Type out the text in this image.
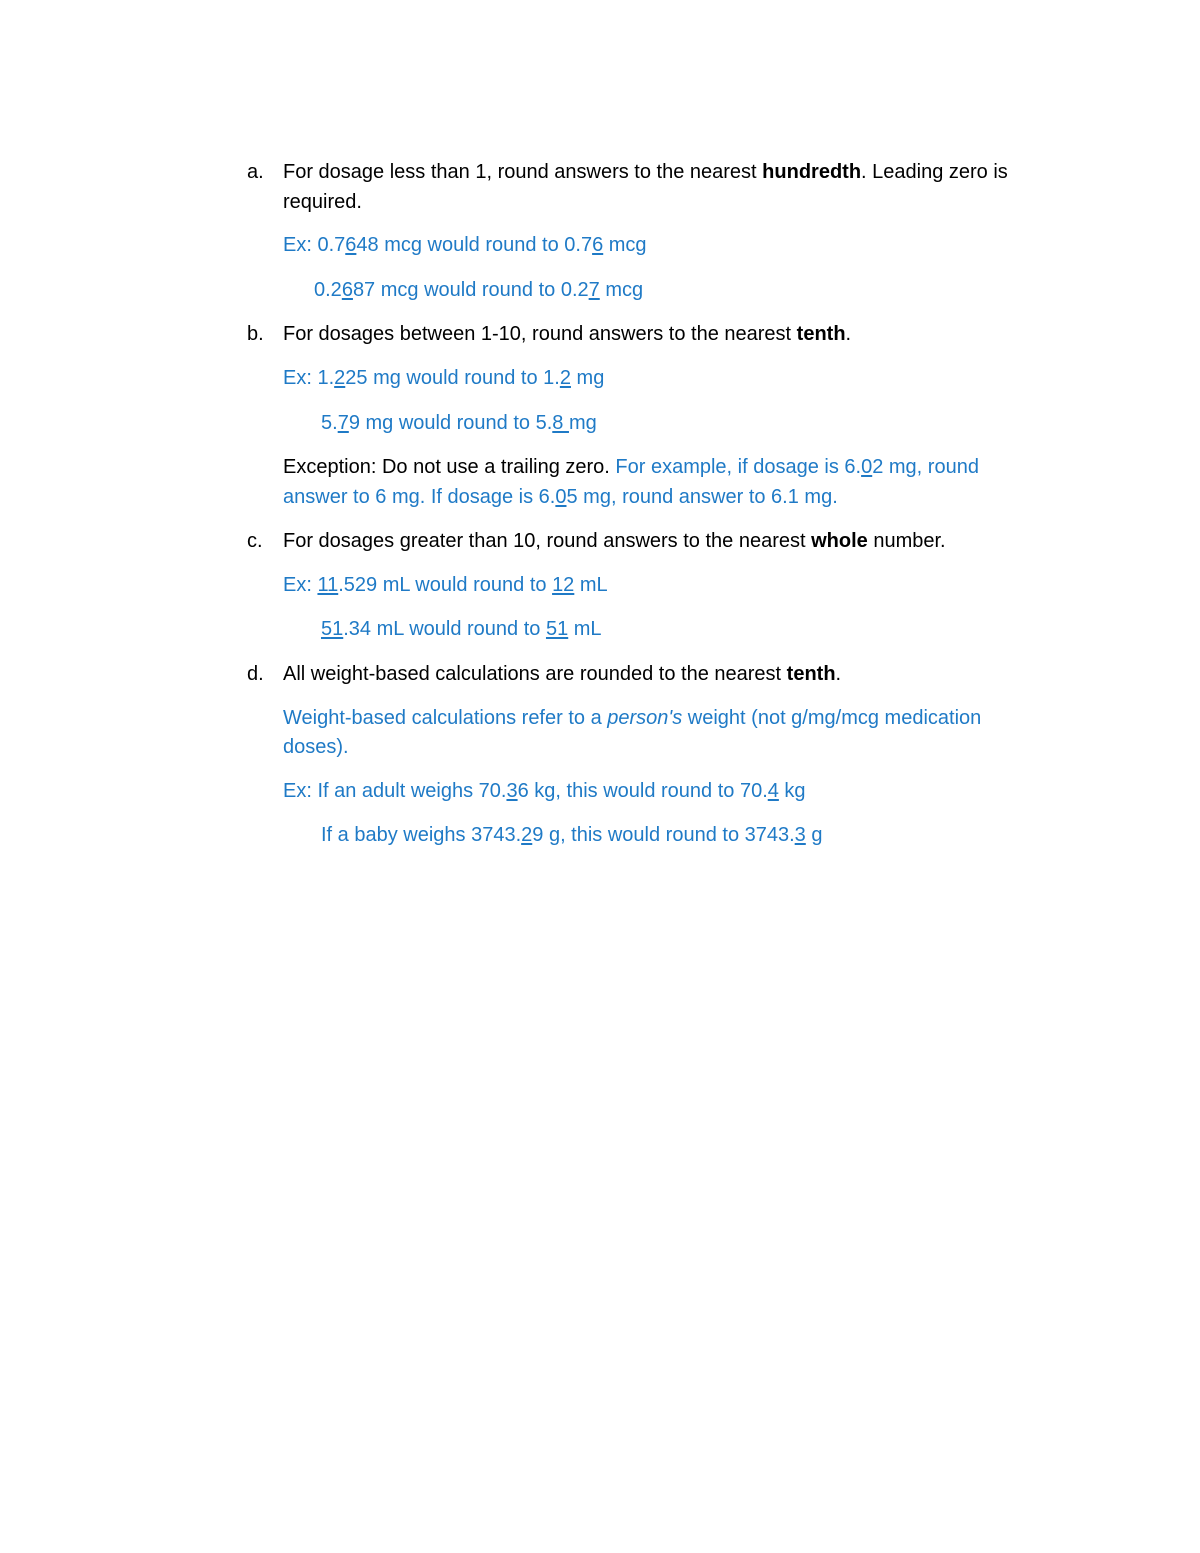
a. For dosage less than 1, round answers to the nearest hundredth. Leading zero is
required.
Ex: 0.7648 mcg would round to 0.76 mcg
0.2687 mcg would round to 0.27 mcg
b. For dosages between 1-10, round answers to the nearest tenth.
Ex: 1.225 mg would round to 1.2 mg
5.79 mg would round to 5.8 mg
Exception: Do not use a trailing zero. For example, if dosage is 6.02 mg, round
answer to 6 mg. If dosage is 6.05 mg, round answer to 6.1 mg.
c.	For dosages greater than 10, round answers to the nearest whole number.
Ex: 11.529 mL would round to 12 mL
51.34 mL would round to 51 mL
d. All weight-based calculations are rounded to the nearest tenth.
Weight-based calculations refer to a person's weight (not g/mg/mcg medication
doses).
Ex: If an adult weighs 70.36 kg, this would round to 70.4 kg
If a baby weighs 3743.29 g, this would round to 3743.3 g
